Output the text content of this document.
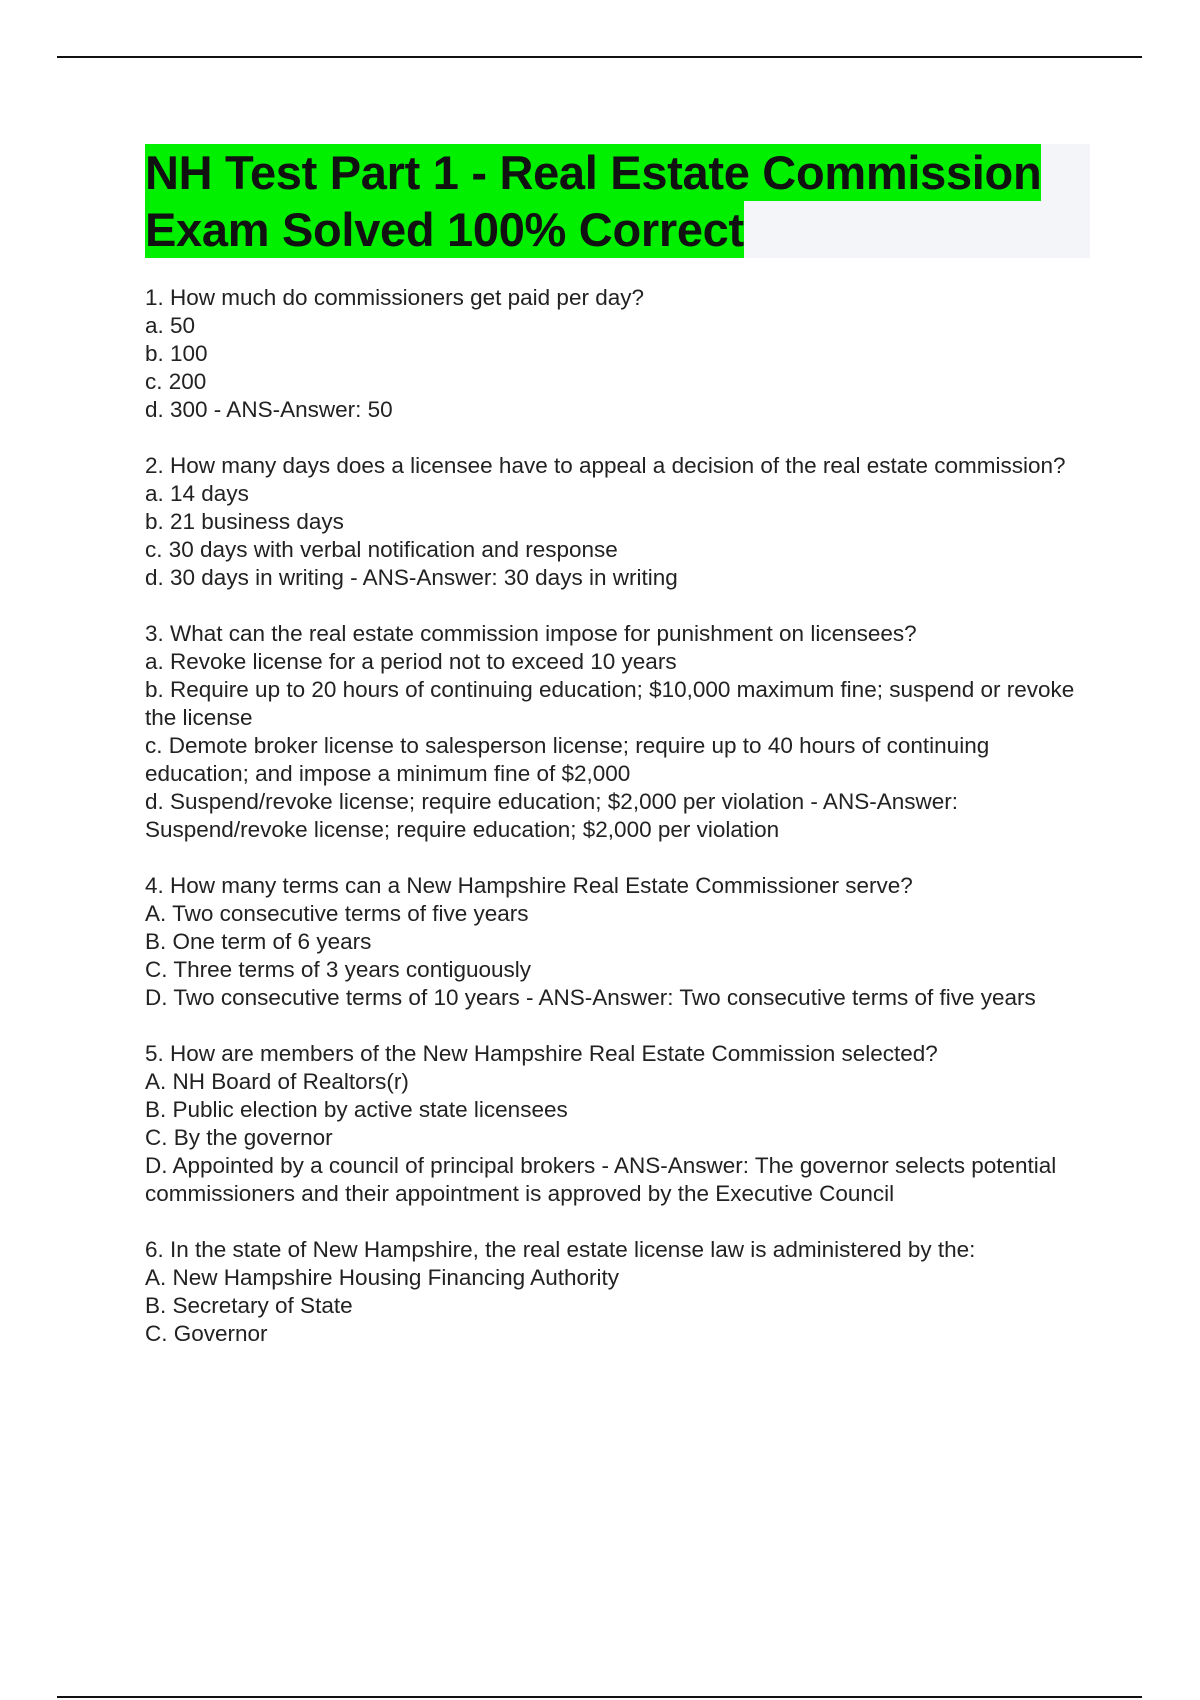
NH Test Part 1 - Real Estate Commission
Exam Solved 100% Correct
1. How much do commissioners get paid per day?
a. 50
b. 100
c. 200
d. 300 - ANS-Answer: 50
2. How many days does a licensee have to appeal a decision of the real estate commission?
a. 14 days
b. 21 business days
c. 30 days with verbal notification and response
d. 30 days in writing - ANS-Answer: 30 days in writing
3. What can the real estate commission impose for punishment on licensees?
a. Revoke license for a period not to exceed 10 years
b. Require up to 20 hours of continuing education; $10,000 maximum fine; suspend or revoke the license
c. Demote broker license to salesperson license; require up to 40 hours of continuing education; and impose a minimum fine of $2,000
d. Suspend/revoke license; require education; $2,000 per violation - ANS-Answer: Suspend/revoke license; require education; $2,000 per violation
4. How many terms can a New Hampshire Real Estate Commissioner serve?
A. Two consecutive terms of five years
B. One term of 6 years
C. Three terms of 3 years contiguously
D. Two consecutive terms of 10 years - ANS-Answer: Two consecutive terms of five years
5. How are members of the New Hampshire Real Estate Commission selected?
A. NH Board of Realtors(r)
B. Public election by active state licensees
C. By the governor
D. Appointed by a council of principal brokers - ANS-Answer: The governor selects potential commissioners and their appointment is approved by the Executive Council
6. In the state of New Hampshire, the real estate license law is administered by the:
A. New Hampshire Housing Financing Authority
B. Secretary of State
C. Governor
